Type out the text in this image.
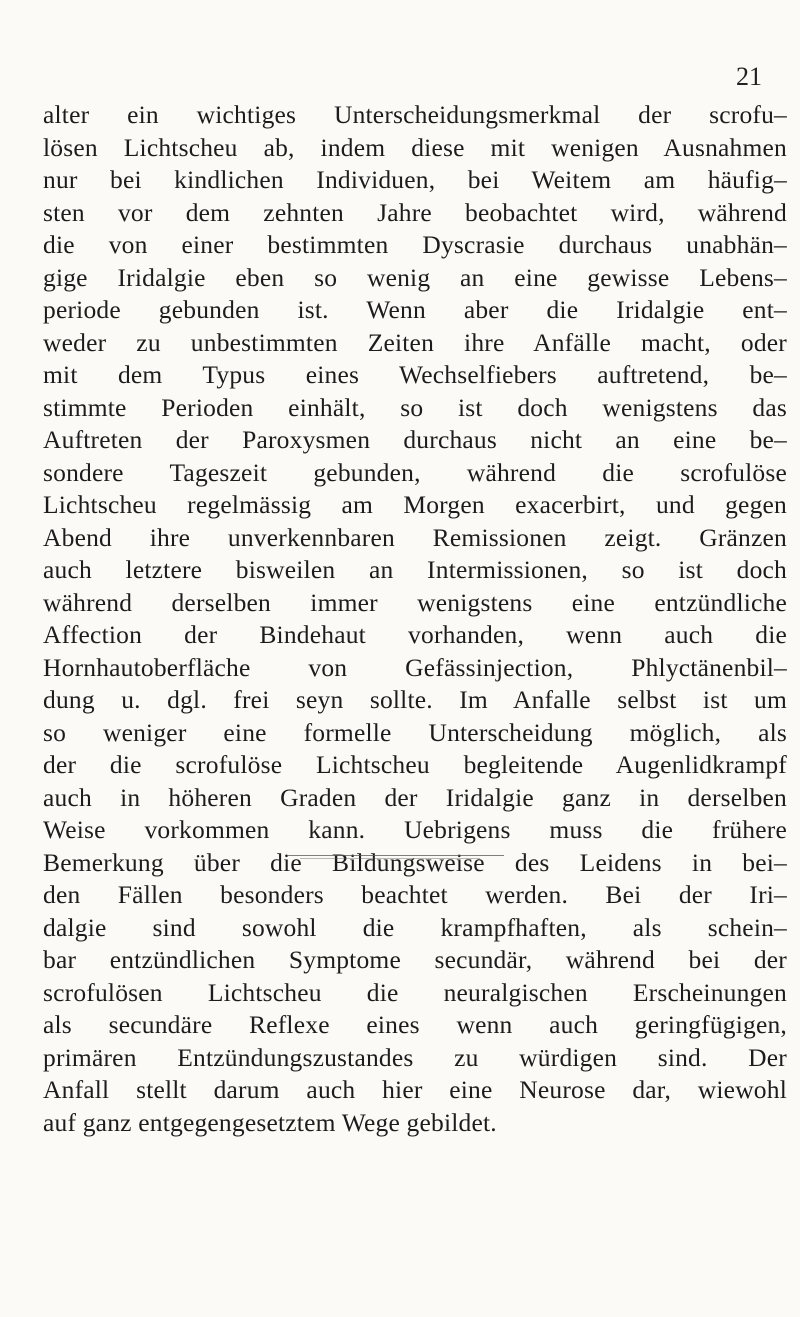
21
alter ein wichtiges Unterscheidungsmerkmal der scrofu–
lösen Lichtscheu ab, indem diese mit wenigen Ausnahmen
nur bei kindlichen Individuen, bei Weitem am häufig–
sten vor dem zehnten Jahre beobachtet wird, während
die von einer bestimmten Dyscrasie durchaus unabhän–
gige Iridalgie eben so wenig an eine gewisse Lebens–
periode gebunden ist. Wenn aber die Iridalgie ent–
weder zu unbestimmten Zeiten ihre Anfälle macht, oder
mit dem Typus eines Wechselfiebers auftretend, be–
stimmte Perioden einhält, so ist doch wenigstens das
Auftreten der Paroxysmen durchaus nicht an eine be–
sondere Tageszeit gebunden, während die scrofulöse
Lichtscheu regelmässig am Morgen exacerbirt, und gegen
Abend ihre unverkennbaren Remissionen zeigt. Gränzen
auch letztere bisweilen an Intermissionen, so ist doch
während derselben immer wenigstens eine entzündliche
Affection der Bindehaut vorhanden, wenn auch die
Hornhautoberfläche von Gefässinjection, Phlyctänenbil–
dung u. dgl. frei seyn sollte. Im Anfalle selbst ist um
so weniger eine formelle Unterscheidung möglich, als
der die scrofulöse Lichtscheu begleitende Augenlidkrampf
auch in höheren Graden der Iridalgie ganz in derselben
Weise vorkommen kann. Uebrigens muss die frühere
Bemerkung über die Bildungsweise des Leidens in bei–
den Fällen besonders beachtet werden. Bei der Iri–
dalgie sind sowohl die krampfhaften, als schein–
bar entzündlichen Symptome secundär, während bei der
scrofulösen Lichtscheu die neuralgischen Erscheinungen
als secundäre Reflexe eines wenn auch geringfügigen,
primären Entzündungszustandes zu würdigen sind. Der
Anfall stellt darum auch hier eine Neurose dar, wiewohl
auf ganz entgegengesetztem Wege gebildet.
